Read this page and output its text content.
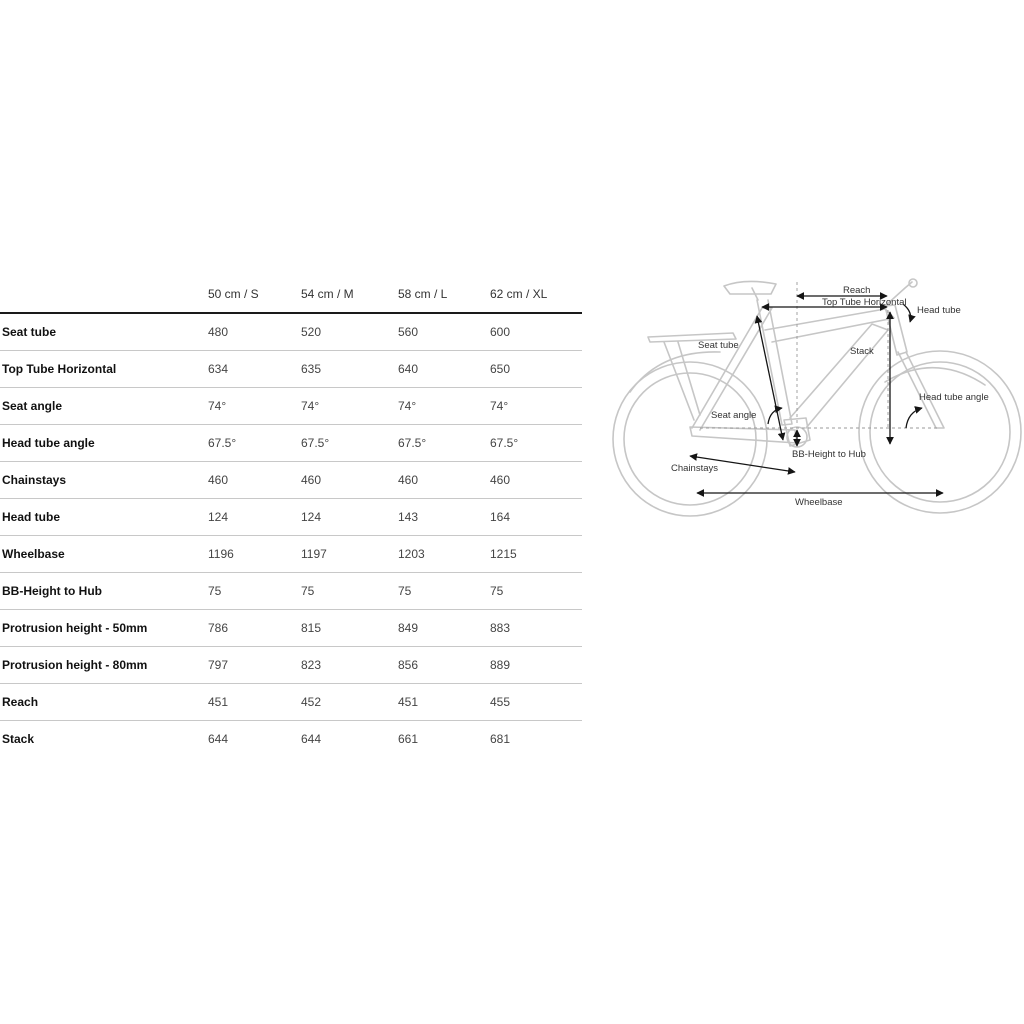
	50 cm / S	54 cm / M	58 cm / L	62 cm / XL
Seat tube	480	520	560	600
Top Tube Horizontal	634	635	640	650
Seat angle	74°	74°	74°	74°
Head tube angle	67.5°	67.5°	67.5°	67.5°
Chainstays	460	460	460	460
Head tube	124	124	143	164
Wheelbase	1196	1197	1203	1215
BB-Height to Hub	75	75	75	75
Protrusion height - 50mm	786	815	849	883
Protrusion height - 80mm	797	823	856	889
Reach	451	452	451	455
Stack	644	644	661	681
Reach
Top Tube Horizontal
Head tube
Seat tube
Stack
Seat angle
Head tube angle
BB-Height to Hub
Chainstays
Wheelbase
